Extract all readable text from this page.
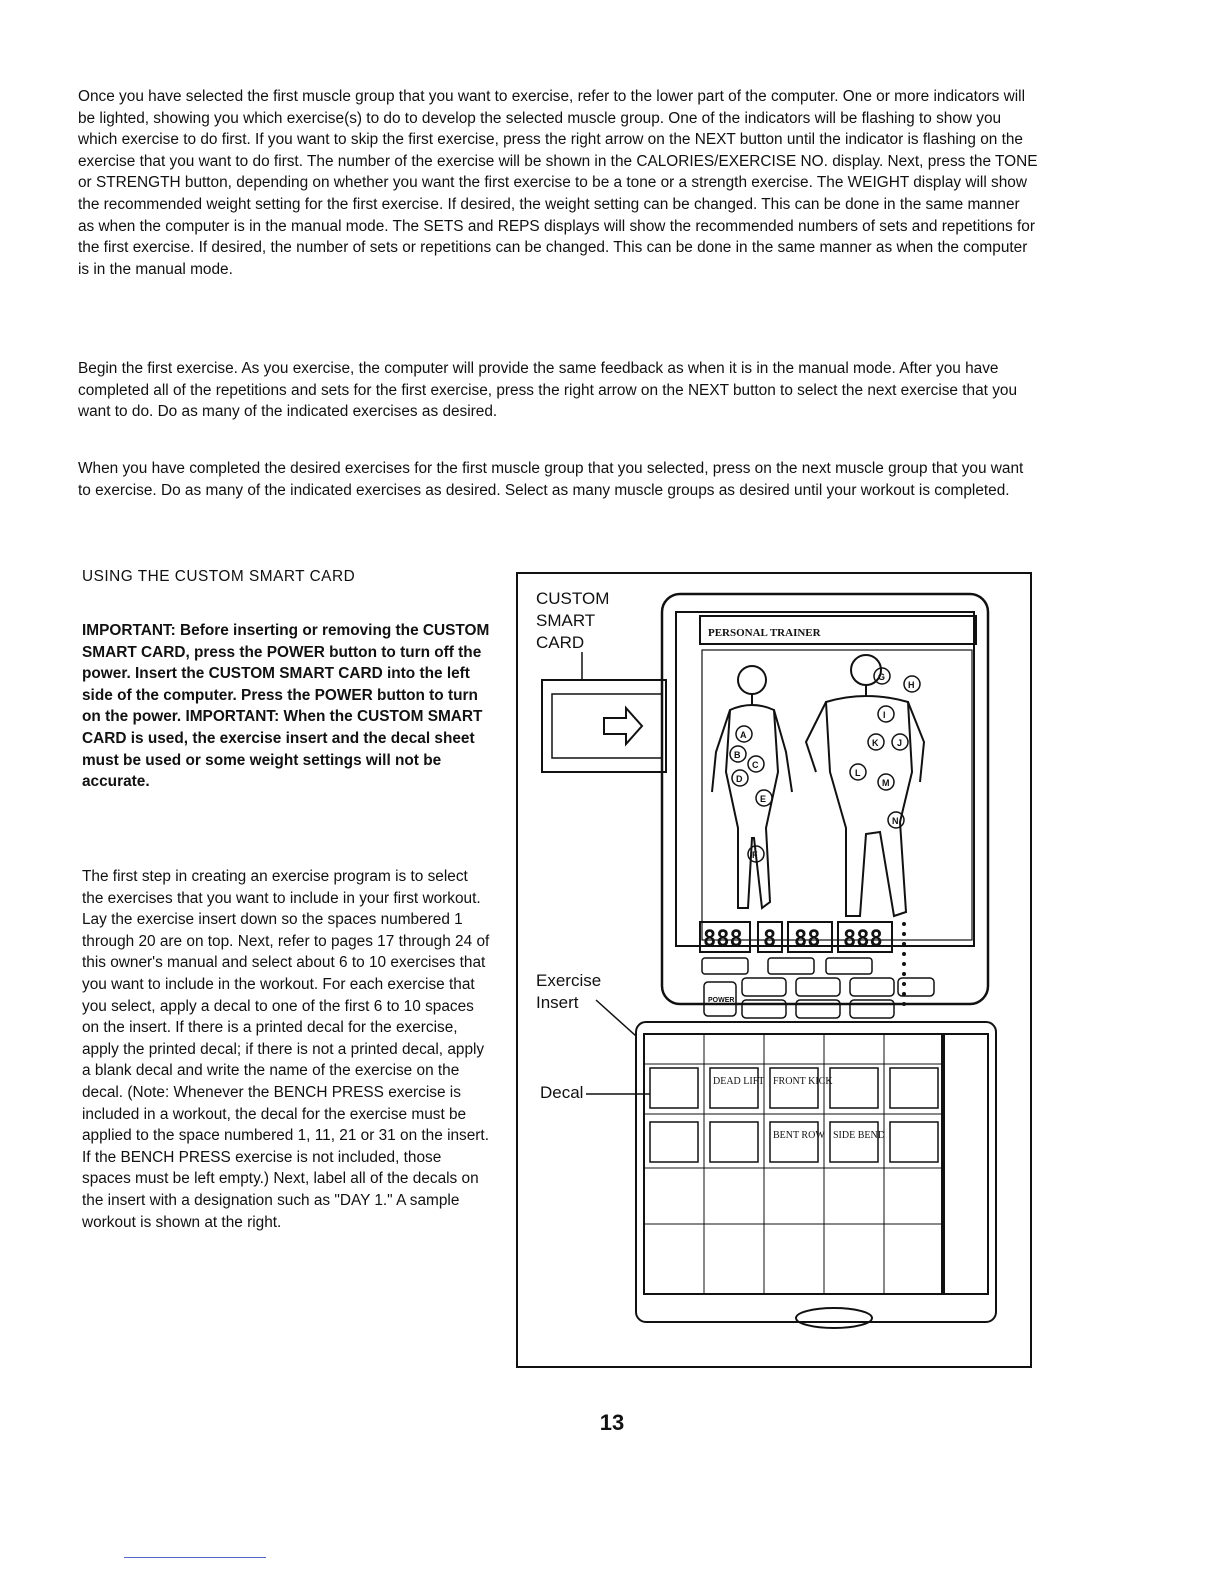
Once you have selected the first muscle group that you want to exercise, refer to the lower part of the computer. One or more indicators will be lighted, showing you which exercise(s) to do to develop the selected muscle group. One of the indicators will be flashing to show you which exercise to do first. If you want to skip the first exercise, press the right arrow on the NEXT button until the indicator is flashing on the exercise that you want to do first. The number of the exercise will be shown in the CALORIES/EXERCISE NO. display. Next, press the TONE or STRENGTH button, depending on whether you want the first exercise to be a tone or a strength exercise. The WEIGHT display will show the recommended weight setting for the first exercise. If desired, the weight setting can be changed. This can be done in the same manner as when the computer is in the manual mode. The SETS and REPS displays will show the recommended numbers of sets and repetitions for the first exercise. If desired, the number of sets or repetitions can be changed. This can be done in the same manner as when the computer is in the manual mode.

Begin the first exercise. As you exercise, the computer will provide the same feedback as when it is in the manual mode. After you have completed all of the repetitions and sets for the first exercise, press the right arrow on the NEXT button to select the next exercise that you want to do. Do as many of the indicated exercises as desired.

When you have completed the desired exercises for the first muscle group that you selected, press on the next muscle group that you want to exercise. Do as many of the indicated exercises as desired. Select as many muscle groups as desired until your workout is completed.

USING THE CUSTOM SMART CARD

IMPORTANT: Before inserting or removing the CUSTOM SMART CARD, press the POWER button to turn off the power. Insert the CUSTOM SMART CARD into the left side of the computer. Press the POWER button to turn on the power. IMPORTANT: When the CUSTOM SMART CARD is used, the exercise insert and the decal sheet must be used or some weight settings will not be accurate.

The first step in creating an exercise program is to select the exercises that you want to include in your first workout. Lay the exercise insert down so the spaces numbered 1 through 20 are on top. Next, refer to pages 17 through 24 of this owner's manual and select about 6 to 10 exercises that you want to include in the workout. For each exercise that you select, apply a decal to one of the first 6 to 10 spaces on the insert. If there is a printed decal for the exercise, apply the printed decal; if there is not a printed decal, apply a blank decal and write the name of the exercise on the decal. (Note: Whenever the BENCH PRESS exercise is included in a workout, the decal for the exercise must be applied to the space numbered 1, 11, 21 or 31 on the insert. If the BENCH PRESS exercise is not included, those spaces must be left empty.) Next, label all of the decals on the insert with a designation such as "DAY 1." A sample workout is shown at the right.

CUSTOM
SMART
CARD	PERSONAL TRAINER
A
B
C
D
E
F
G
H
I
J
K
L
M
N
888 8 88 888
POWER
Exercise
Insert
DEAD LIFT FRONT KICK
BENT ROW SIDE BEND
Decal

13
